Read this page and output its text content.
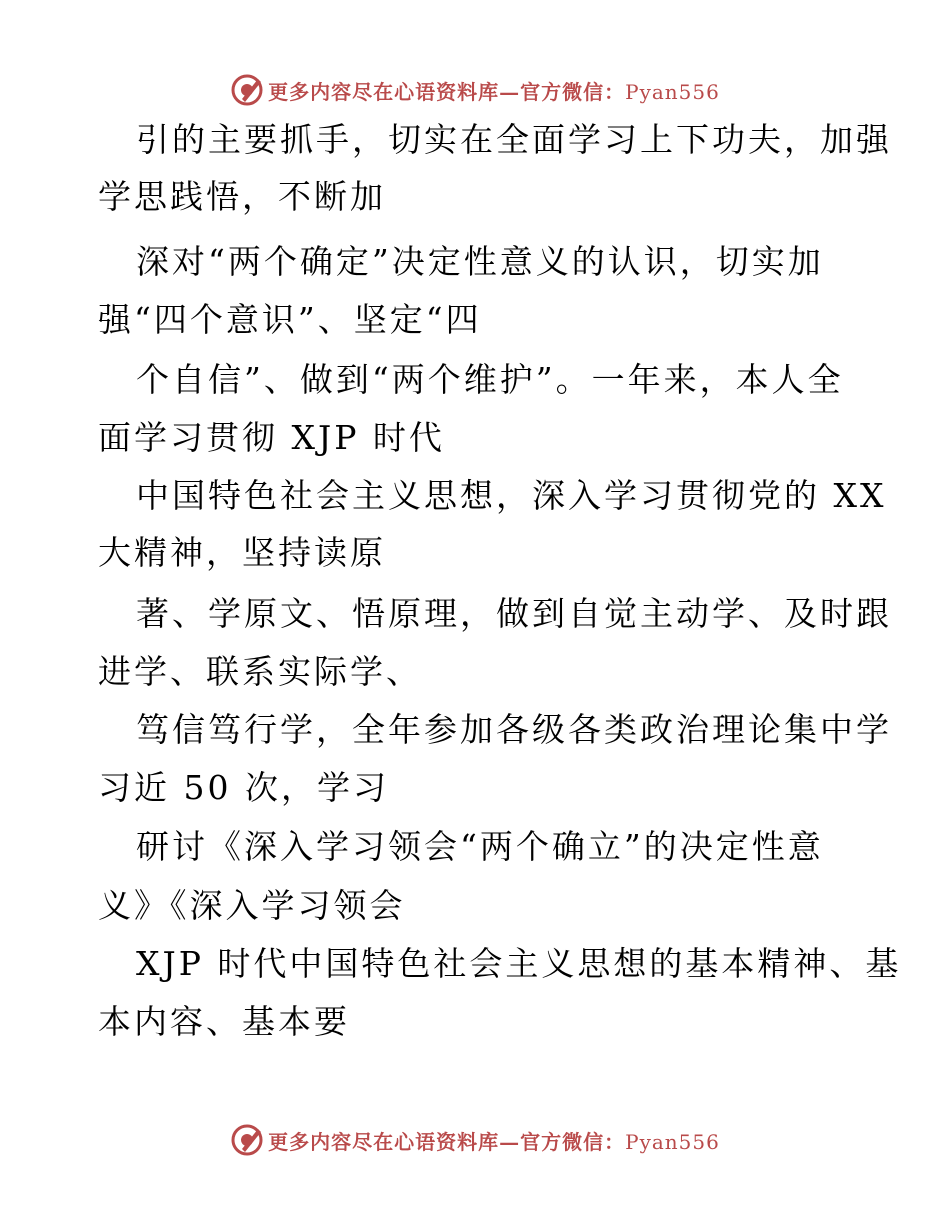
更多内容尽在心语资料库—官方微信：Pyan556
引的主要抓手，切实在全面学习上下功夫，加强
学思践悟，不断加
深对“两个确定”决定性意义的认识，切实加
强“四个意识”、坚定“四
个自信”、做到“两个维护”。一年来，本人全
面学习贯彻 XJP 时代
中国特色社会主义思想，深入学习贯彻党的 XX
大精神，坚持读原
著、学原文、悟原理，做到自觉主动学、及时跟
进学、联系实际学、
笃信笃行学，全年参加各级各类政治理论集中学
习近 50 次，学习
研讨《深入学习领会“两个确立”的决定性意
义》《深入学习领会
XJP 时代中国特色社会主义思想的基本精神、基
本内容、基本要
更多内容尽在心语资料库—官方微信：Pyan556
